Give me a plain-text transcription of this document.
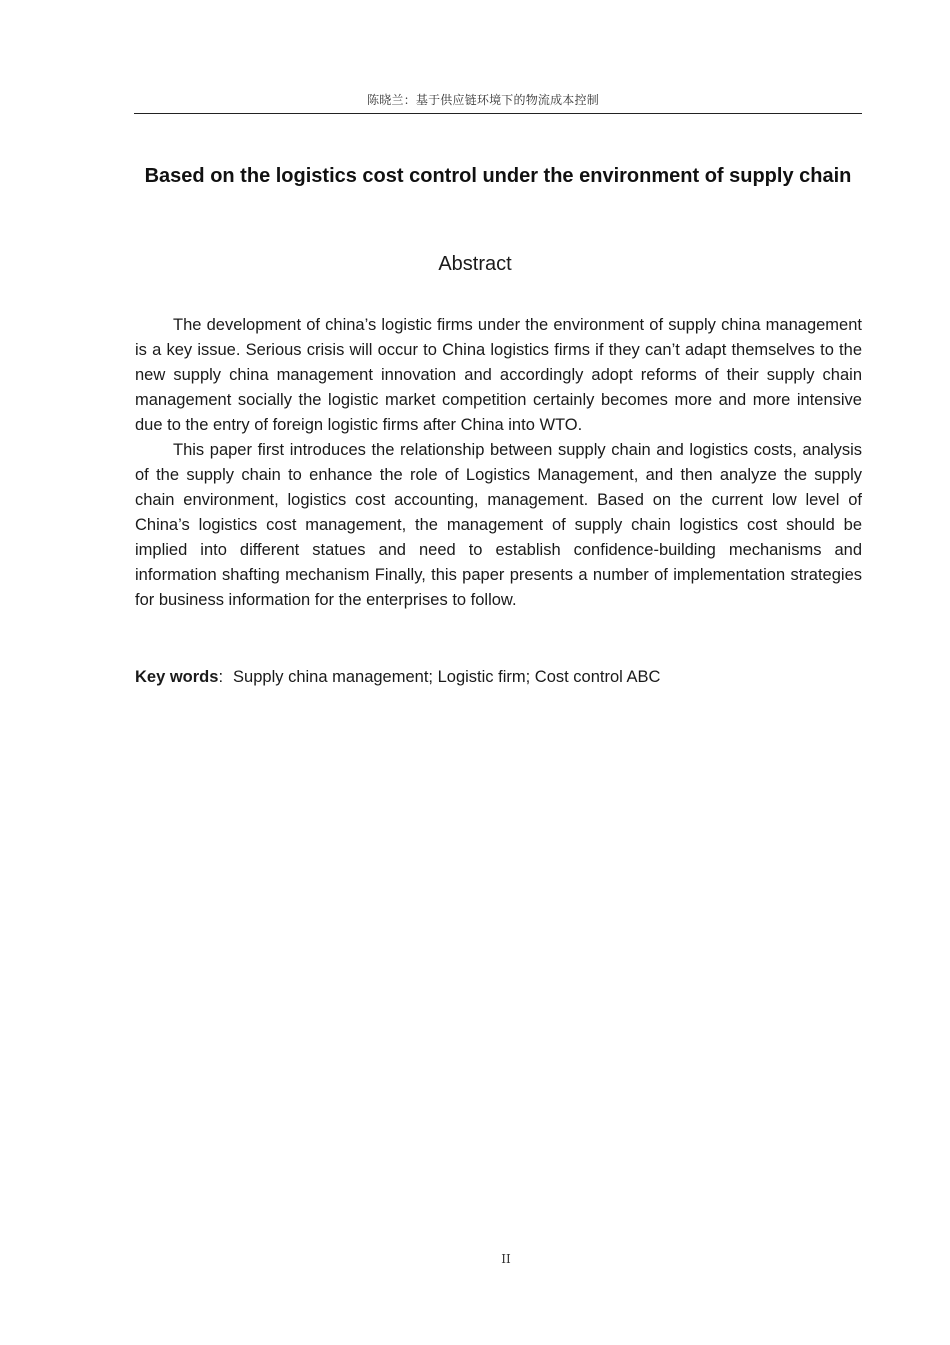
陈晓兰：基于供应链环境下的物流成本控制
Based on the logistics cost control under the environment of supply chain
Abstract

The development of china’s logistic firms under the environment of supply china management is a key issue. Serious crisis will occur to China logistics firms if they can’t adapt themselves to the new supply china management innovation and accordingly adopt reforms of their supply chain management socially the logistic market competition certainly becomes more and more intensive due to the entry of foreign logistic firms after China into WTO.

This paper first introduces the relationship between supply chain and logistics costs, analysis of the supply chain to enhance the role of Logistics Management, and then analyze the supply chain environment, logistics cost accounting, management. Based on the current low level of China’s logistics cost management, the management of supply chain logistics cost should be implied into different statues and need to establish confidence-building mechanisms and information shafting mechanism Finally, this paper presents a number of implementation strategies for business information for the enterprises to follow.

Key words: Supply china management; Logistic firm; Cost control ABC
II
